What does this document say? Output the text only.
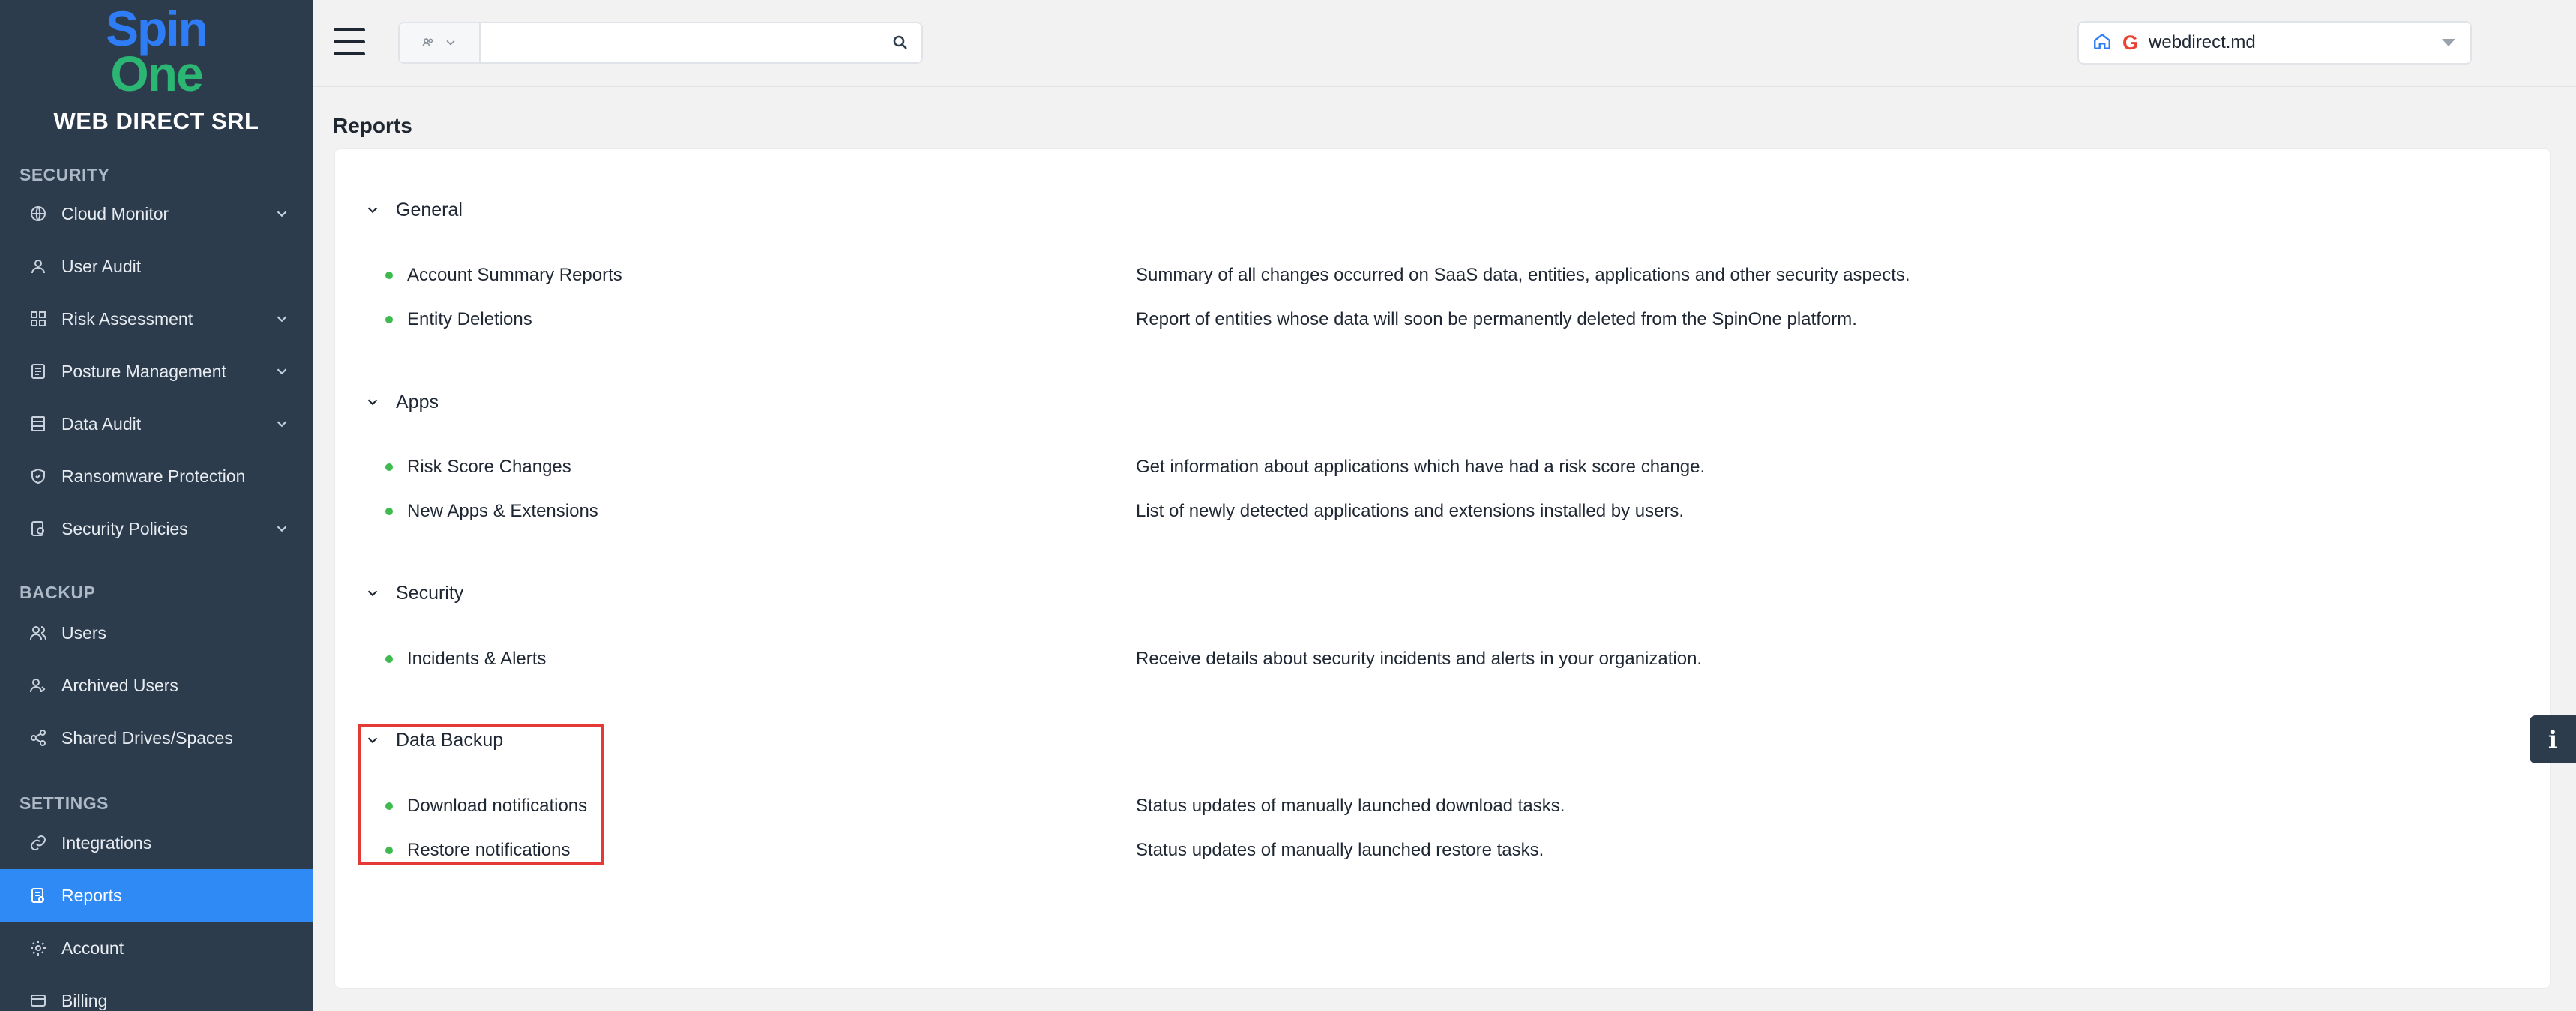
Spin
One
WEB DIRECT SRL
SECURITY
Cloud Monitor
User Audit
Risk Assessment
Posture Management
Data Audit
Ransomware Protection
Security Policies
BACKUP
Users
Archived Users
Shared Drives/Spaces
SETTINGS
Integrations
Reports
Account
Billing
G webdirect.md
Reports
General
Account Summary Reports	Summary of all changes occurred on SaaS data, entities, applications and other security aspects.
Entity Deletions	Report of entities whose data will soon be permanently deleted from the SpinOne platform.
Apps
Risk Score Changes	Get information about applications which have had a risk score change.
New Apps & Extensions	List of newly detected applications and extensions installed by users.
Security
Incidents & Alerts	Receive details about security incidents and alerts in your organization.
Data Backup
Download notifications	Status updates of manually launched download tasks.
Restore notifications	Status updates of manually launched restore tasks.
i
